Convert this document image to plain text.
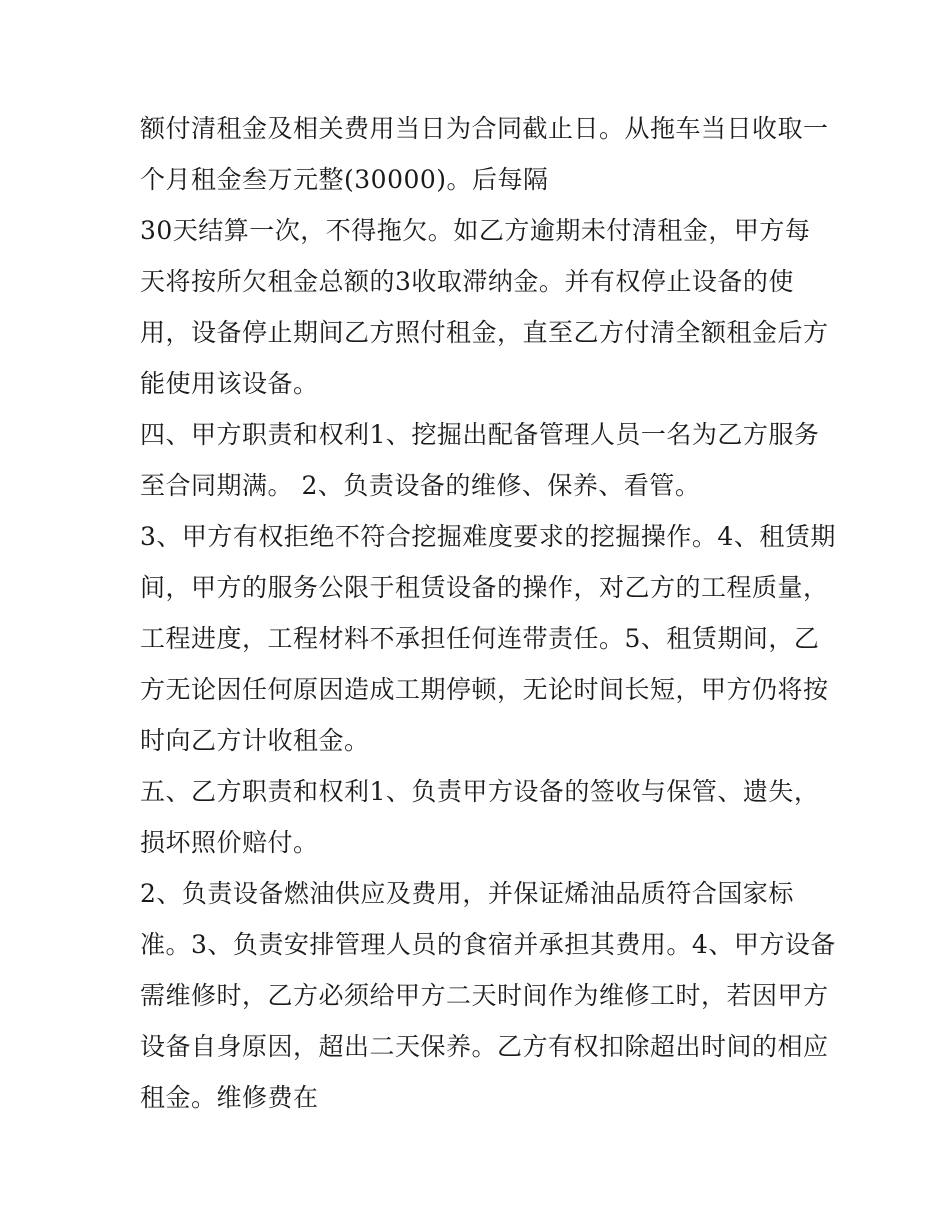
额付清租金及相关费用当日为合同截止日。从拖车当日收取一
个月租金叁万元整(30000)。后每隔
30天结算一次，不得拖欠。如乙方逾期未付清租金，甲方每
天将按所欠租金总额的3收取滞纳金。并有权停止设备的使
用，设备停止期间乙方照付租金，直至乙方付清全额租金后方
能使用该设备。
四、甲方职责和权利1、挖掘出配备管理人员一名为乙方服务
至合同期满。 2、负责设备的维修、保养、看管。
3、甲方有权拒绝不符合挖掘难度要求的挖掘操作。4、租赁期
间，甲方的服务公限于租赁设备的操作，对乙方的工程质量，
工程进度，工程材料不承担任何连带责任。5、租赁期间，乙
方无论因任何原因造成工期停顿，无论时间长短，甲方仍将按
时向乙方计收租金。
五、乙方职责和权利1、负责甲方设备的签收与保管、遗失，
损坏照价赔付。
2、负责设备燃油供应及费用，并保证烯油品质符合国家标
准。3、负责安排管理人员的食宿并承担其费用。4、甲方设备
需维修时，乙方必须给甲方二天时间作为维修工时，若因甲方
设备自身原因，超出二天保养。乙方有权扣除超出时间的相应
租金。维修费在
